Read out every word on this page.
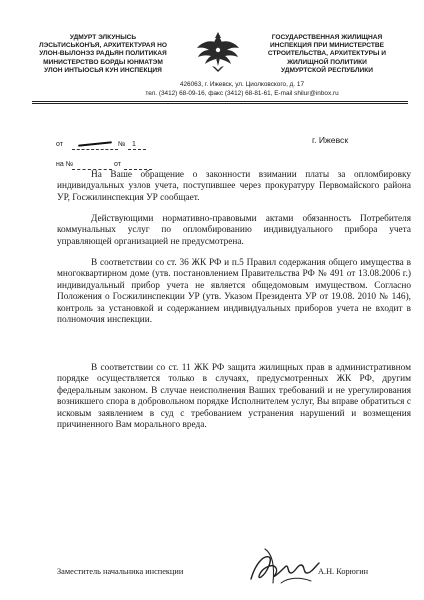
УДМУРТ ЭЛКУНЫСЬ
ЛЭСЬТИСЬКОНЪЯ, АРХИТЕКТУРАЯ НО
УЛОН-ВЫЛОНЭЗ РАДЬЯН ПОЛИТИКАЯ
МИНИСТЕРСТВО БОРДЫ ЮНМАТЭМ
УЛОН ИНТЫОСЬЯ КУН ИНСПЕКЦИЯ
ГОСУДАРСТВЕННАЯ ЖИЛИЩНАЯ
ИНСПЕКЦИЯ ПРИ МИНИСТЕРСТВЕ
СТРОИТЕЛЬСТВА, АРХИТЕКТУРЫ И
ЖИЛИЩНОЙ ПОЛИТИКИ
УДМУРТСКОЙ РЕСПУБЛИКИ
426063, г. Ижевск, ул. Циолковского, д. 17
тел. (3412) 68-09-16, факс (3412) 68-81-61, E-mail shilur@inbox.ru
от	№ 1
на №	от
г. Ижевск

На Ваше обращение о законности взимании платы за опломбировку индивидуальных узлов учета, поступившее через прокуратуру Первомайского района УР, Госжилинспекция УР сообщает.

Действующими нормативно-правовыми актами обязанность Потребителя коммунальных услуг по опломбированию индивидуального прибора учета управляющей организацией не предусмотрена.

В соответствии со ст. 36 ЖК РФ и п.5 Правил содержания общего имущества в многоквартирном доме (утв. постановлением Правительства РФ № 491 от 13.08.2006 г.) индивидуальный прибор учета не является общедомовым имуществом. Согласно Положения о Госжилинспекции УР (утв. Указом Президента УР от 19.08. 2010 № 146), контроль за установкой и содержанием индивидуальных приборов учета не входит в полномочия инспекции.

В соответствии со ст. 11 ЖК РФ защита жилищных прав в административном порядке осуществляется только в случаях, предусмотренных ЖК РФ, другим федеральным законом. В случае неисполнения Ваших требований и не урегулирования возникшего спора в добровольном порядке Исполнителем услуг, Вы вправе обратиться с исковым заявлением в суд с требованием устранения нарушений и возмещения причиненного Вам морального вреда.

Заместитель начальника инспекции	А.Н. Корюгин
